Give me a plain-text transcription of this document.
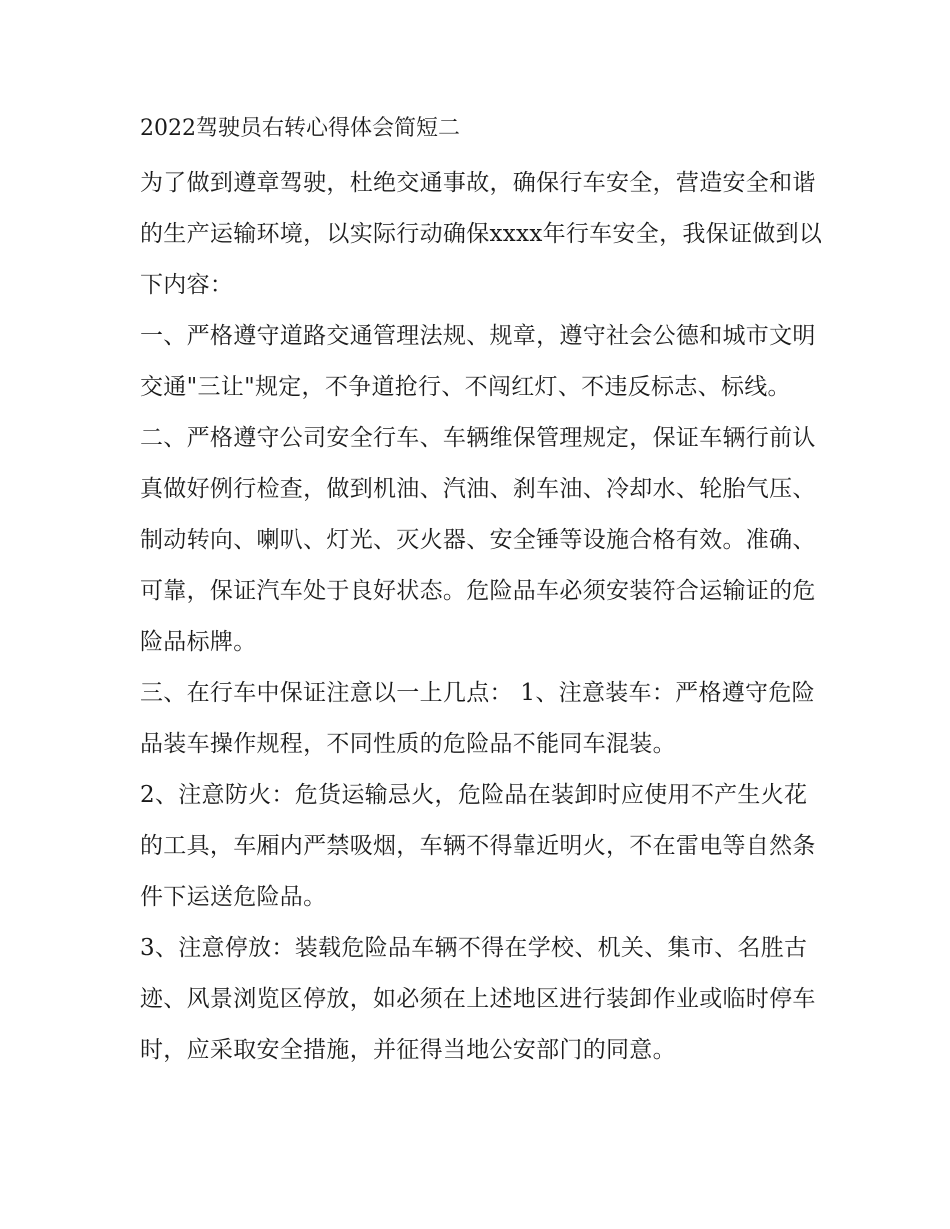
2022驾驶员右转心得体会简短二

为了做到遵章驾驶，杜绝交通事故，确保行车安全，营造安全和谐的生产运输环境，以实际行动确保xxxx年行车安全，我保证做到以下内容：

一、严格遵守道路交通管理法规、规章，遵守社会公德和城市文明交通"三让"规定，不争道抢行、不闯红灯、不违反标志、标线。

二、严格遵守公司安全行车、车辆维保管理规定，保证车辆行前认真做好例行检查，做到机油、汽油、刹车油、冷却水、轮胎气压、制动转向、喇叭、灯光、灭火器、安全锤等设施合格有效。准确、可靠，保证汽车处于良好状态。危险品车必须安装符合运输证的危险品标牌。

三、在行车中保证注意以一上几点： 1、注意装车：严格遵守危险品装车操作规程，不同性质的危险品不能同车混装。

2、注意防火：危货运输忌火，危险品在装卸时应使用不产生火花的工具，车厢内严禁吸烟，车辆不得靠近明火，不在雷电等自然条件下运送危险品。

3、注意停放：装载危险品车辆不得在学校、机关、集市、名胜古迹、风景浏览区停放，如必须在上述地区进行装卸作业或临时停车时，应采取安全措施，并征得当地公安部门的同意。
